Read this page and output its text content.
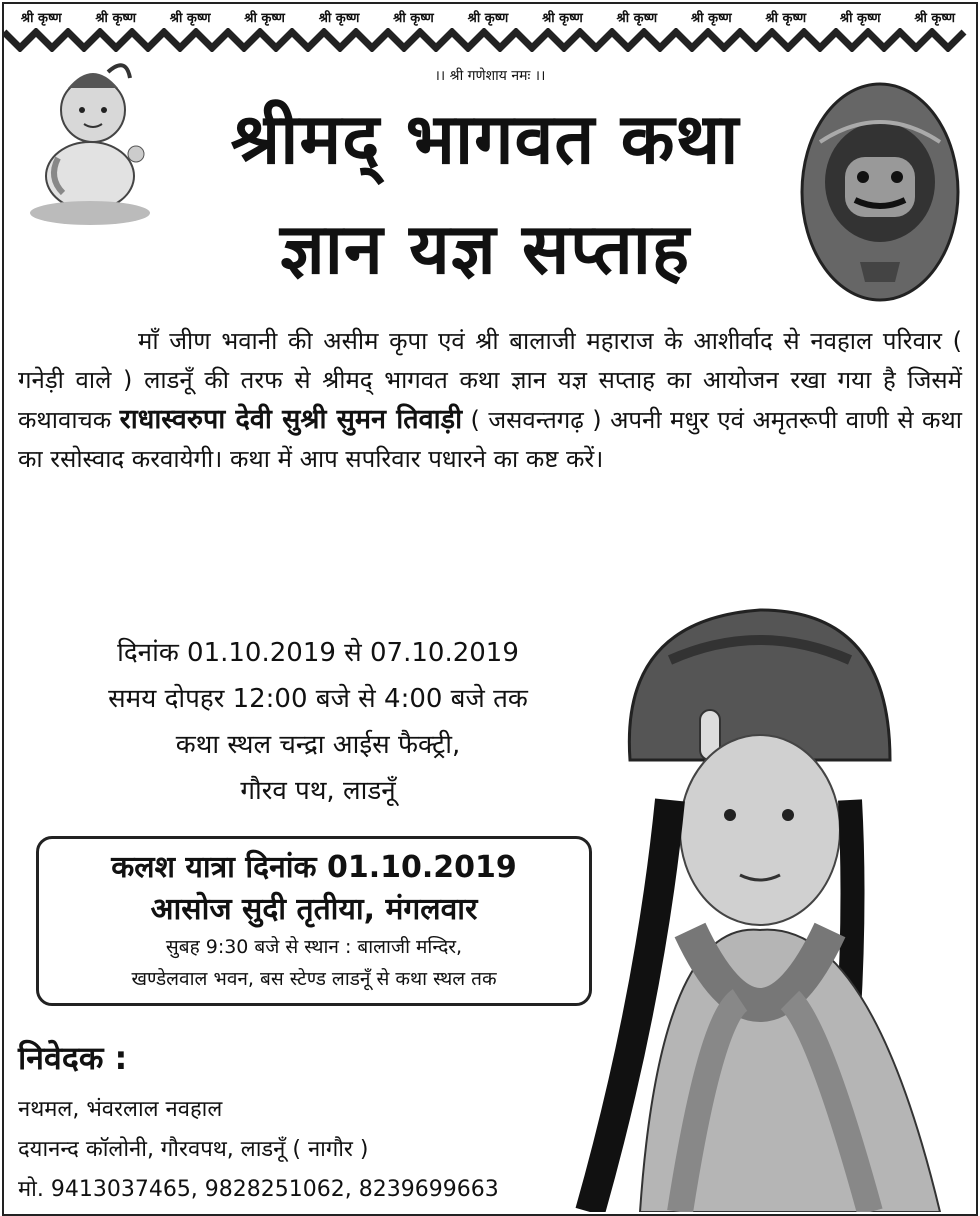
श्री कृष्ण	श्री कृष्ण	श्री कृष्ण	श्री कृष्ण	श्री कृष्ण	श्री कृष्ण	श्री कृष्ण	श्री कृष्ण	श्री कृष्ण	श्री कृष्ण	श्री कृष्ण	श्री कृष्ण	श्री कृष्ण
।। श्री गणेशाय नमः ।।
श्रीमद् भागवत कथा
ज्ञान यज्ञ सप्ताह
माँ जीण भवानी की असीम कृपा एवं श्री बालाजी महाराज के आशीर्वाद से नवहाल परिवार ( गनेड़ी वाले ) लाडनूँ की तरफ से श्रीमद् भागवत कथा ज्ञान यज्ञ सप्ताह का आयोजन रखा गया है जिसमें कथावाचक राधास्वरुपा देवी सुश्री सुमन तिवाड़ी ( जसवन्तगढ़ ) अपनी मधुर एवं अमृतरूपी वाणी से कथा का रसोस्वाद करवायेगी। कथा में आप सपरिवार पधारने का कष्ट करें।
दिनांक 01.10.2019 से 07.10.2019
समय दोपहर 12:00 बजे से 4:00 बजे तक
कथा स्थल चन्द्रा आईस फैक्ट्री,
गौरव पथ, लाडनूँ
कलश यात्रा दिनांक 01.10.2019
आसोज सुदी तृतीया, मंगलवार
सुबह 9:30 बजे से स्थान : बालाजी मन्दिर,
खण्डेलवाल भवन, बस स्टेण्ड लाडनूँ से कथा स्थल तक
निवेदक :
नथमल, भंवरलाल नवहाल
दयानन्द कॉलोनी, गौरवपथ, लाडनूँ ( नागौर )
मो. 9413037465, 9828251062, 8239699663
